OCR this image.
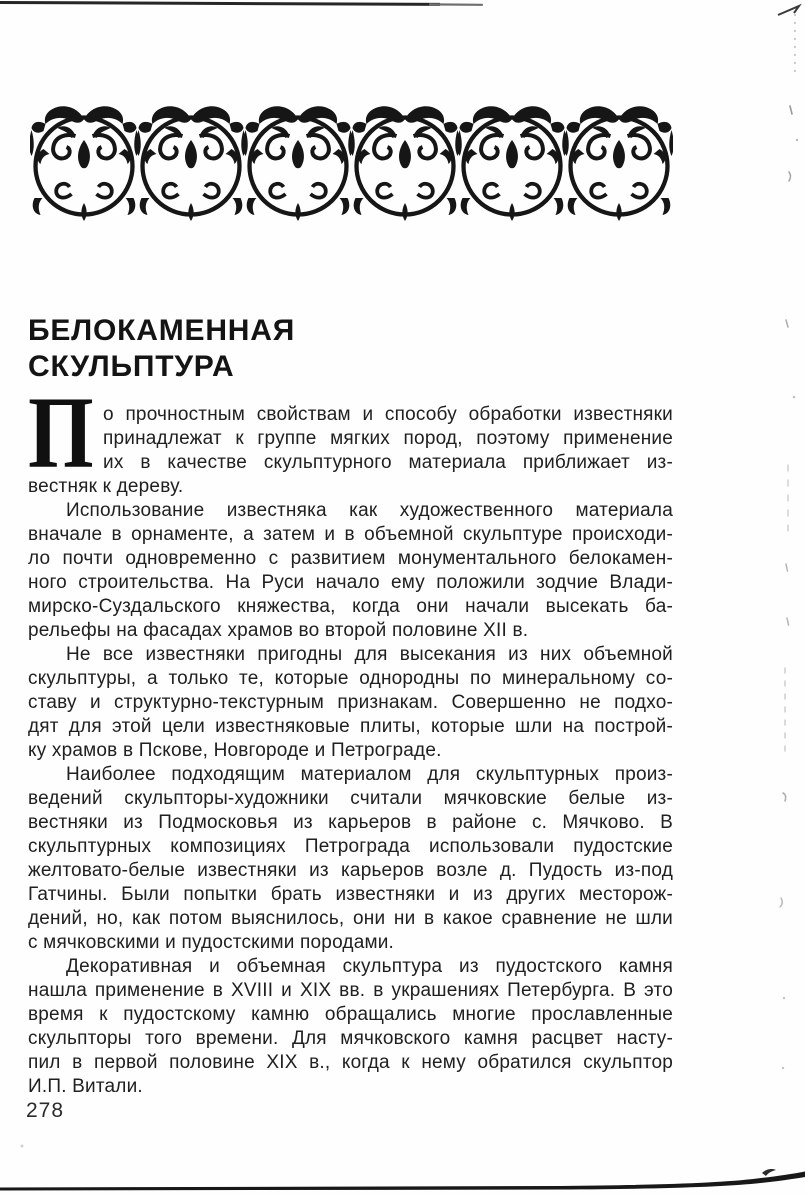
БЕЛОКАМЕННАЯ
СКУЛЬПТУРА
П о прочностным свойствам и способу обработки известняки
принадлежат к группе мягких пород, поэтому применение
их в качестве скульптурного материала приближает из-
вестняк к дереву.
Использование известняка как художественного материала
вначале в орнаменте, а затем и в объемной скульптуре происходи-
ло почти одновременно с развитием монументального белокамен-
ного строительства. На Руси начало ему положили зодчие Влади-
мирско-Суздальского княжества, когда они начали высекать ба-
рельефы на фасадах храмов во второй половине XII в.
Не все известняки пригодны для высекания из них объемной
скульптуры, а только те, которые однородны по минеральному со-
ставу и структурно-текстурным признакам. Совершенно не подхо-
дят для этой цели известняковые плиты, которые шли на построй-
ку храмов в Пскове, Новгороде и Петрограде.
Наиболее подходящим материалом для скульптурных произ-
ведений скульпторы-художники считали мячковские белые из-
вестняки из Подмосковья из карьеров в районе с. Мячково. В
скульптурных композициях Петрограда использовали пудостские
желтовато-белые известняки из карьеров возле д. Пудость из-под
Гатчины. Были попытки брать известняки и из других месторож-
дений, но, как потом выяснилось, они ни в какое сравнение не шли
с мячковскими и пудостскими породами.
Декоративная и объемная скульптура из пудостского камня
нашла применение в XVIII и XIX вв. в украшениях Петербурга. В это
время к пудостскому камню обращались многие прославленные
скульпторы того времени. Для мячковского камня расцвет насту-
пил в первой половине XIX в., когда к нему обратился скульптор
И.П. Витали.
278
